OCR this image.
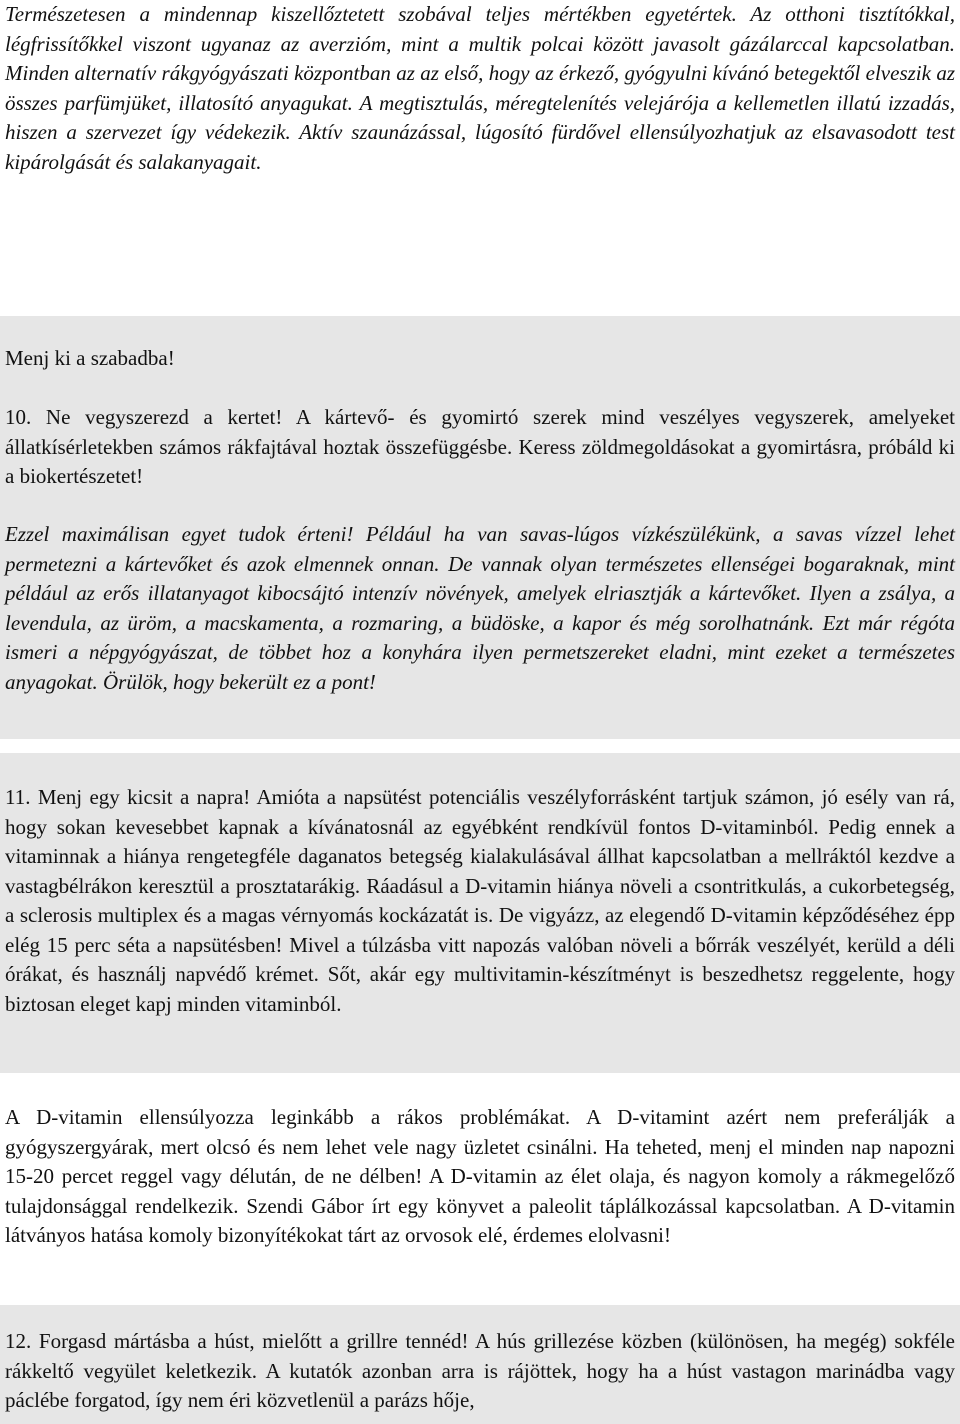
Természetesen a mindennap kiszellőztetett szobával teljes mértékben egyetértek. Az otthoni tisztítókkal, légfrissítőkkel viszont ugyanaz az averzióm, mint a multik polcai között javasolt gázálarccal kapcsolatban. Minden alternatív rákgyógyászati központban az az első, hogy az érkező, gyógyulni kívánó betegektől elveszik az összes parfümjüket, illatosító anyagukat. A megtisztulás, méregtelenítés velejárója a kellemetlen illatú izzadás, hiszen a szervezet így védekezik. Aktív szaunázással, lúgosító fürdővel ellensúlyozhatjuk az elsavasodott test kipárolgását és salakanyagait.

Menj ki a szabadba!

10. Ne vegyszerezd a kertet! A kártevő- és gyomirtó szerek mind veszélyes vegyszerek, amelyeket állatkísérletekben számos rákfajtával hoztak összefüggésbe. Keress zöldmegoldásokat a gyomirtásra, próbáld ki a biokertészetet!

Ezzel maximálisan egyet tudok érteni! Például ha van savas-lúgos vízkészülékünk, a savas vízzel lehet permetezni a kártevőket és azok elmennek onnan. De vannak olyan természetes ellenségei bogaraknak, mint például az erős illatanyagot kibocsájtó intenzív növények, amelyek elriasztják a kártevőket. Ilyen a zsálya, a levendula, az üröm, a macskamenta, a rozmaring, a büdöske, a kapor és még sorolhatnánk. Ezt már régóta ismeri a népgyógyászat, de többet hoz a konyhára ilyen permetszereket eladni, mint ezeket a természetes anyagokat. Örülök, hogy bekerült ez a pont!

11. Menj egy kicsit a napra! Amióta a napsütést potenciális veszélyforrásként tartjuk számon, jó esély van rá, hogy sokan kevesebbet kapnak a kívánatosnál az egyébként rendkívül fontos D-vitaminból. Pedig ennek a vitaminnak a hiánya rengetegféle daganatos betegség kialakulásával állhat kapcsolatban a mellráktól kezdve a vastagbélrákon keresztül a prosztatarákig. Ráadásul a D-vitamin hiánya növeli a csontritkulás, a cukorbetegség, a sclerosis multiplex és a magas vérnyomás kockázatát is. De vigyázz, az elegendő D-vitamin képződéséhez épp elég 15 perc séta a napsütésben! Mivel a túlzásba vitt napozás valóban növeli a bőrrák veszélyét, kerüld a déli órákat, és használj napvédő krémet. Sőt, akár egy multivitamin-készítményt is beszedhetsz reggelente, hogy biztosan eleget kapj minden vitaminból.

A D-vitamin ellensúlyozza leginkább a rákos problémákat. A D-vitamint azért nem preferálják a gyógyszergyárak, mert olcsó és nem lehet vele nagy üzletet csinálni. Ha teheted, menj el minden nap napozni 15-20 percet reggel vagy délután, de ne délben! A D-vitamin az élet olaja, és nagyon komoly a rákmegelőző tulajdonsággal rendelkezik. Szendi Gábor írt egy könyvet a paleolit táplálkozással kapcsolatban. A D-vitamin látványos hatása komoly bizonyítékokat tárt az orvosok elé, érdemes elolvasni!

12. Forgasd mártásba a húst, mielőtt a grillre tennéd! A hús grillezése közben (különösen, ha megég) sokféle rákkeltő vegyület keletkezik. A kutatók azonban arra is rájöttek, hogy ha a húst vastagon marinádba vagy páclébe forgatod, így nem éri közvetlenül a parázs hője,
